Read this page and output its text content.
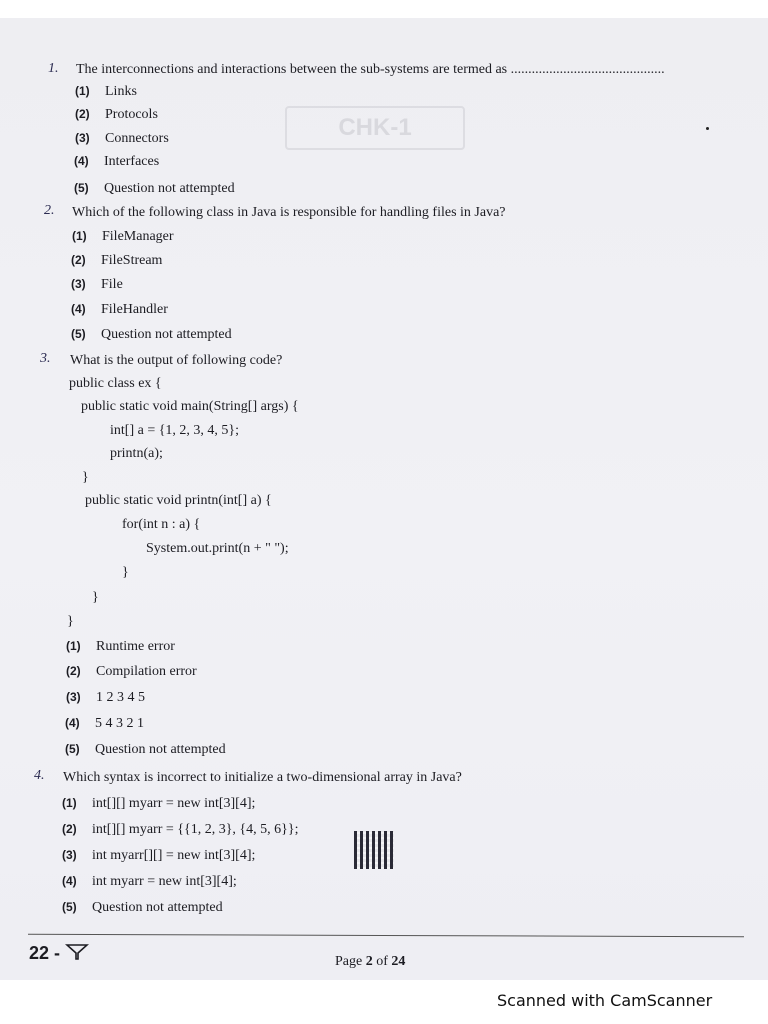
CHK-1
1. The interconnections and interactions between the sub-systems are termed as ............................................
(1) Links
(2) Protocols
(3) Connectors
(4) Interfaces
(5) Question not attempted
2. Which of the following class in Java is responsible for handling files in Java?
(1) FileManager
(2) FileStream
(3) File
(4) FileHandler
(5) Question not attempted
3. What is the output of following code?
public class ex {
public static void main(String[] args) {
int[] a = {1, 2, 3, 4, 5};
printn(a);
}
public static void printn(int[] a) {
for(int n : a) {
System.out.print(n + " ");
}
}
}
(1) Runtime error
(2) Compilation error
(3) 1 2 3 4 5
(4) 5 4 3 2 1
(5) Question not attempted
4. Which syntax is incorrect to initialize a two-dimensional array in Java?
(1) int[][] myarr = new int[3][4];
(2) int[][] myarr = {{1, 2, 3}, {4, 5, 6}};
(3) int myarr[][] = new int[3][4];
(4) int myarr = new int[3][4];
(5) Question not attempted
22 -	Page 2 of 24
Scanned with CamScanner
